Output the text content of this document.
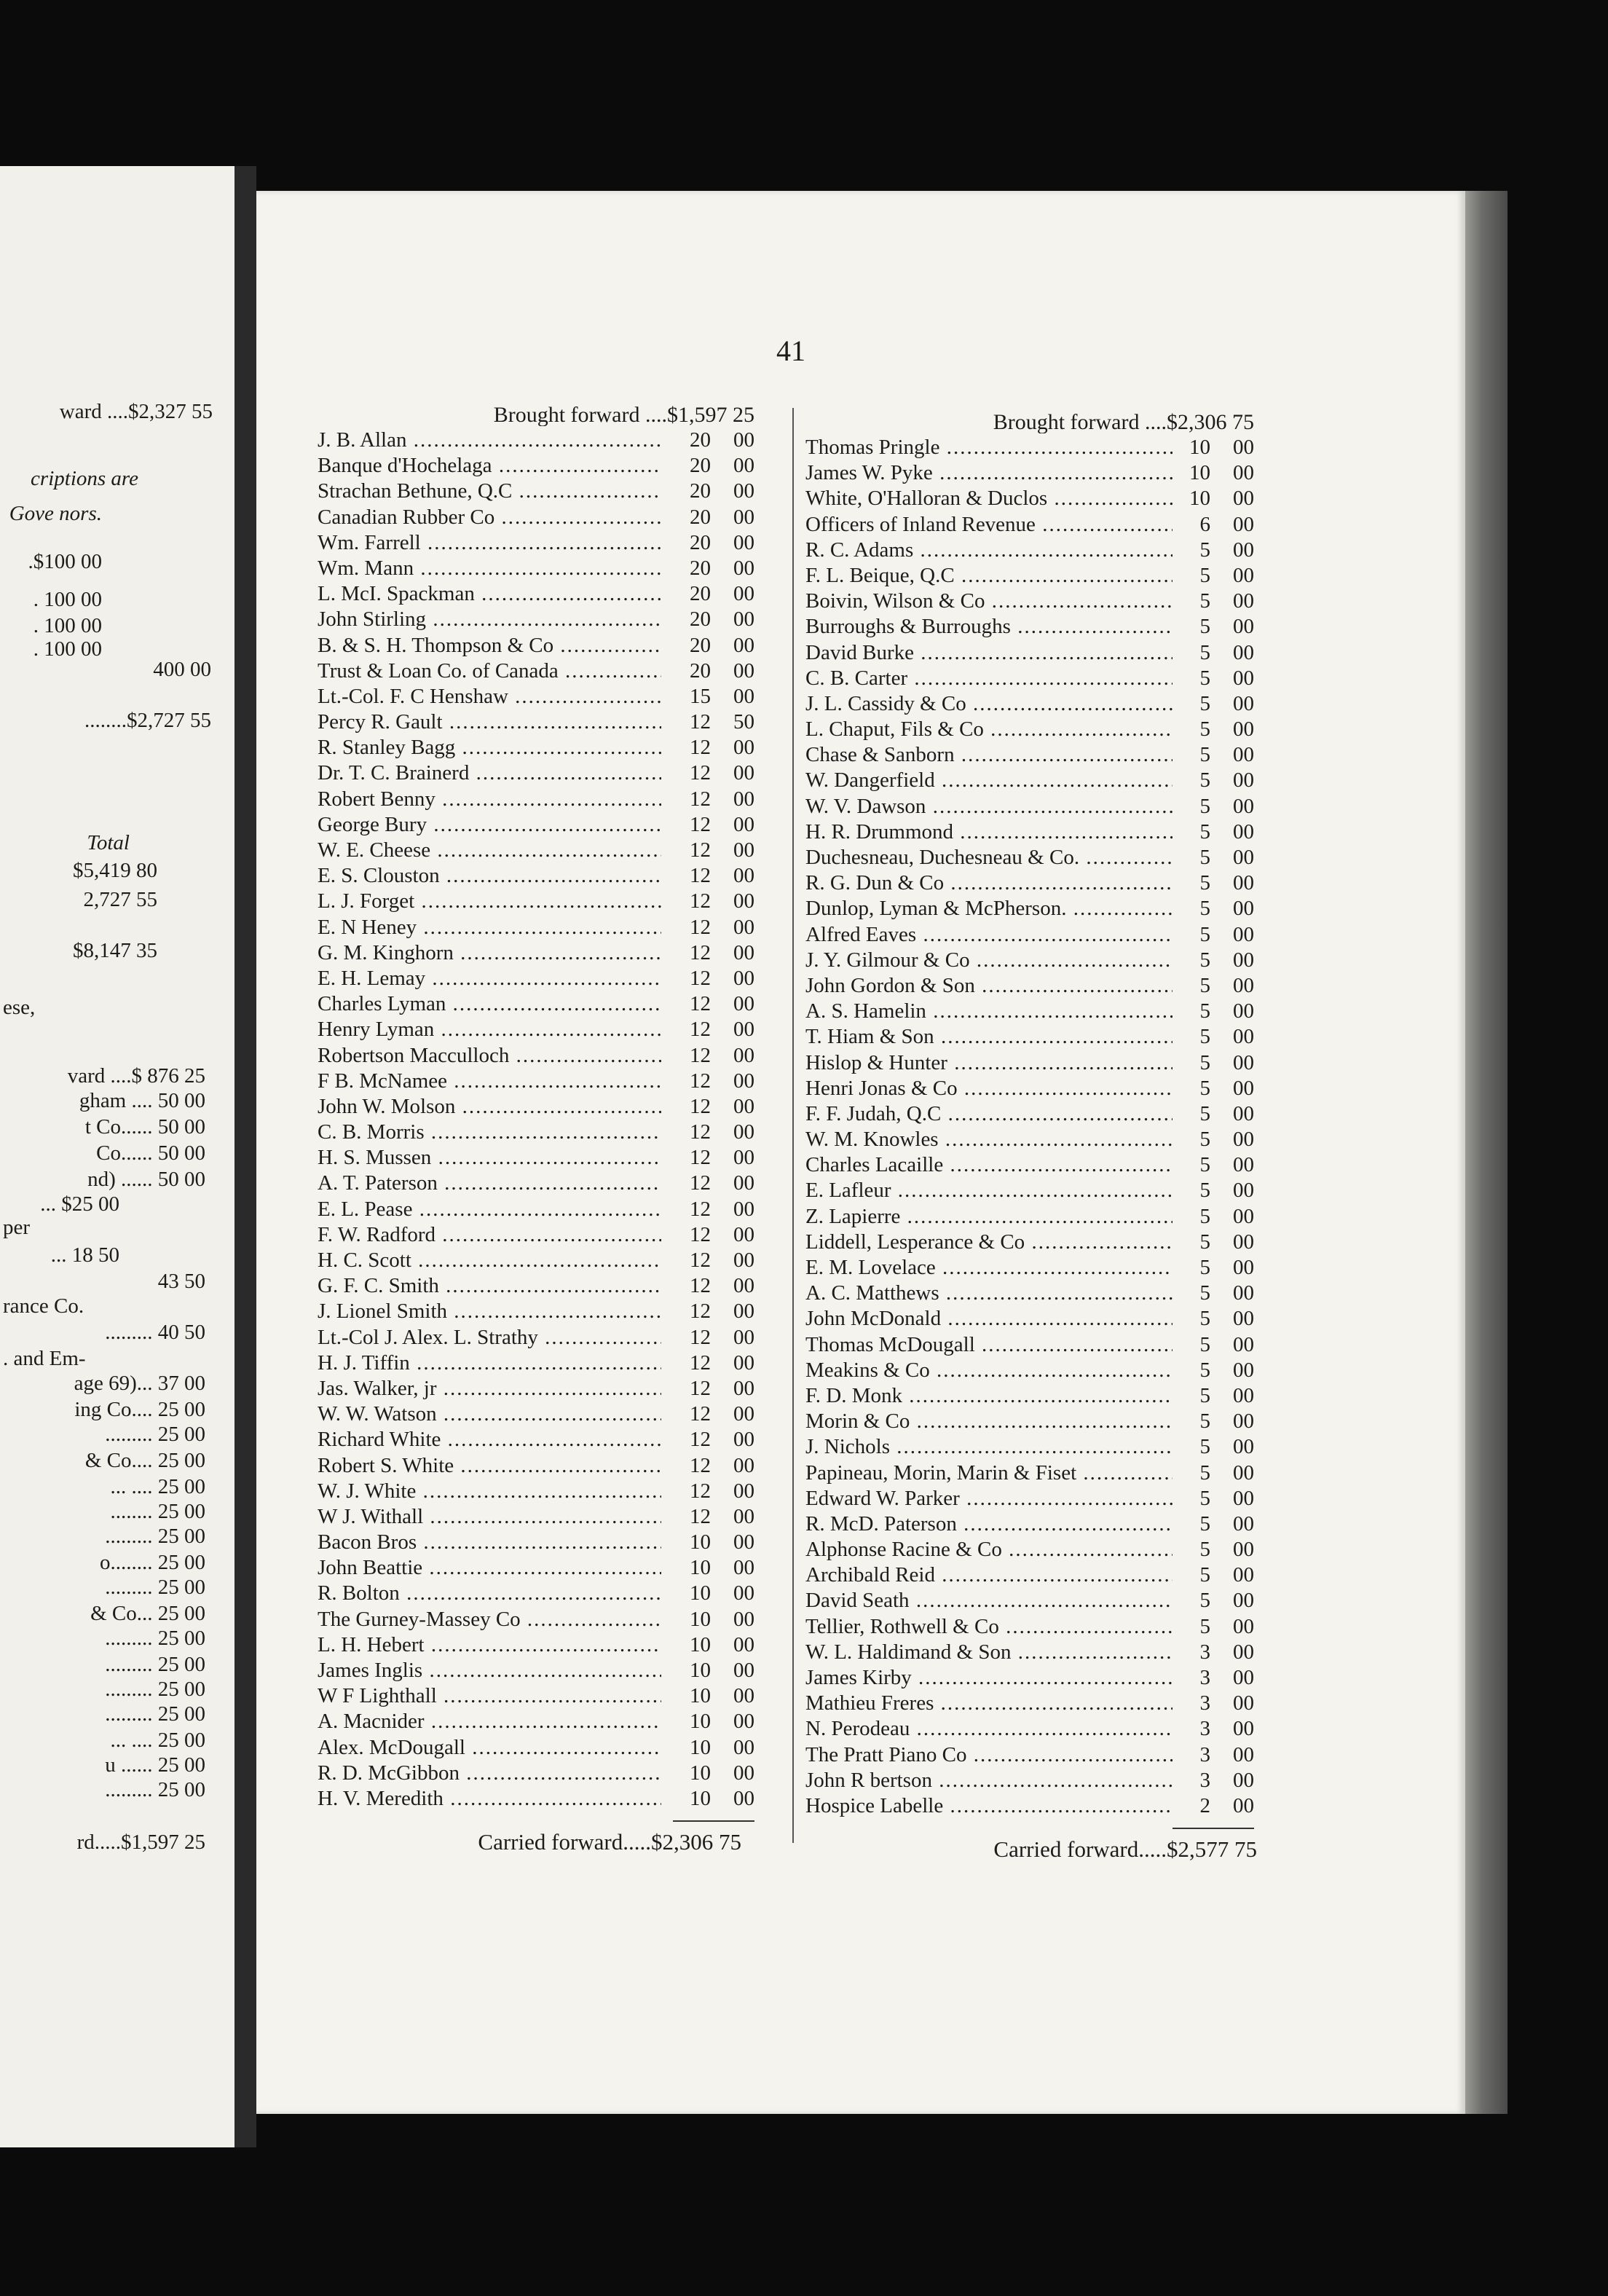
41
Brought forward ....$1,597 25
J. B. Allan .....	20	00
Banque d'Hochelaga .....	20	00
Strachan Bethune, Q.C .....	20	00
Canadian Rubber Co .....	20	00
Wm. Farrell .....	20	00
Wm. Mann .....	20	00
L. McI. Spackman .....	20	00
John Stirling .....	20	00
B. & S. H. Thompson & Co .....	20	00
Trust & Loan Co. of Canada .....	20	00
Lt.-Col. F. C Henshaw .....	15	00
Percy R. Gault .....	12	50
R. Stanley Bagg .....	12	00
Dr. T. C. Brainerd .....	12	00
Robert Benny .....	12	00
George Bury .....	12	00
W. E. Cheese .....	12	00
E. S. Clouston .....	12	00
L. J. Forget .....	12	00
E. N Heney .....	12	00
G. M. Kinghorn .....	12	00
E. H. Lemay .....	12	00
Charles Lyman .....	12	00
Henry Lyman .....	12	00
Robertson Macculloch .....	12	00
F B. McNamee .....	12	00
John W. Molson .....	12	00
C. B. Morris .....	12	00
H. S. Mussen .....	12	00
A. T. Paterson .....	12	00
E. L. Pease .....	12	00
F. W. Radford .....	12	00
H. C. Scott .....	12	00
G. F. C. Smith .....	12	00
J. Lionel Smith .....	12	00
Lt.-Col J. Alex. L. Strathy .....	12	00
H. J. Tiffin .....	12	00
Jas. Walker, jr .....	12	00
W. W. Watson .....	12	00
Richard White .....	12	00
Robert S. White .....	12	00
W. J. White .....	12	00
W J. Withall .....	12	00
Bacon Bros .....	10	00
John Beattie .....	10	00
R. Bolton .....	10	00
The Gurney-Massey Co .....	10	00
L. H. Hebert .....	10	00
James Inglis .....	10	00
W F Lighthall .....	10	00
A. Macnider .....	10	00
Alex. McDougall .....	10	00
R. D. McGibbon .....	10	00
H. V. Meredith .....	10	00
Carried forward.....$2,306 75
Brought forward ....$2,306 75
Thomas Pringle .....	10	00
James W. Pyke .....	10	00
White, O'Halloran & Duclos .....	10	00
Officers of Inland Revenue .....	6	00
R. C. Adams .....	5	00
F. L. Beique, Q.C .....	5	00
Boivin, Wilson & Co .....	5	00
Burroughs & Burroughs .....	5	00
David Burke .....	5	00
C. B. Carter .....	5	00
J. L. Cassidy & Co .....	5	00
L. Chaput, Fils & Co .....	5	00
Chase & Sanborn .....	5	00
W. Dangerfield .....	5	00
W. V. Dawson .....	5	00
H. R. Drummond .....	5	00
Duchesneau, Duchesneau & Co. .....	5	00
R. G. Dun & Co .....	5	00
Dunlop, Lyman & McPherson. .....	5	00
Alfred Eaves .....	5	00
J. Y. Gilmour & Co .....	5	00
John Gordon & Son .....	5	00
A. S. Hamelin .....	5	00
T. Hiam & Son .....	5	00
Hislop & Hunter .....	5	00
Henri Jonas & Co .....	5	00
F. F. Judah, Q.C .....	5	00
W. M. Knowles .....	5	00
Charles Lacaille .....	5	00
E. Lafleur .....	5	00
Z. Lapierre .....	5	00
Liddell, Lesperance & Co .....	5	00
E. M. Lovelace .....	5	00
A. C. Matthews .....	5	00
John McDonald .....	5	00
Thomas McDougall .....	5	00
Meakins & Co .....	5	00
F. D. Monk .....	5	00
Morin & Co .....	5	00
J. Nichols .....	5	00
Papineau, Morin, Marin & Fiset .....	5	00
Edward W. Parker .....	5	00
R. McD. Paterson .....	5	00
Alphonse Racine & Co .....	5	00
Archibald Reid .....	5	00
David Seath .....	5	00
Tellier, Rothwell & Co .....	5	00
W. L. Haldimand & Son .....	3	00
James Kirby .....	3	00
Mathieu Freres .....	3	00
N. Perodeau .....	3	00
The Pratt Piano Co .....	3	00
John R bertson .....	3	00
Hospice Labelle .....	2	00
Carried forward.....$2,577 75
ward ....$2,327 55
criptions are
Gove nors.
.$100 00
. 100 00
. 100 00
. 100 00
400 00
........$2,727 55
Total
$5,419 80
2,727 55
$8,147 35
ese,
vard ....$ 876 25
gham .... 50 00
t Co...... 50 00
Co...... 50 00
nd) ...... 50 00
... $25 00
per
... 18 50
43 50
rance Co.
......... 40 50
. and Em-
age 69)... 37 00
ing Co.... 25 00
......... 25 00
& Co.... 25 00
... .... 25 00
........ 25 00
......... 25 00
o........ 25 00
......... 25 00
& Co... 25 00
......... 25 00
......... 25 00
......... 25 00
......... 25 00
... .... 25 00
u ...... 25 00
......... 25 00
rd.....$1,597 25
